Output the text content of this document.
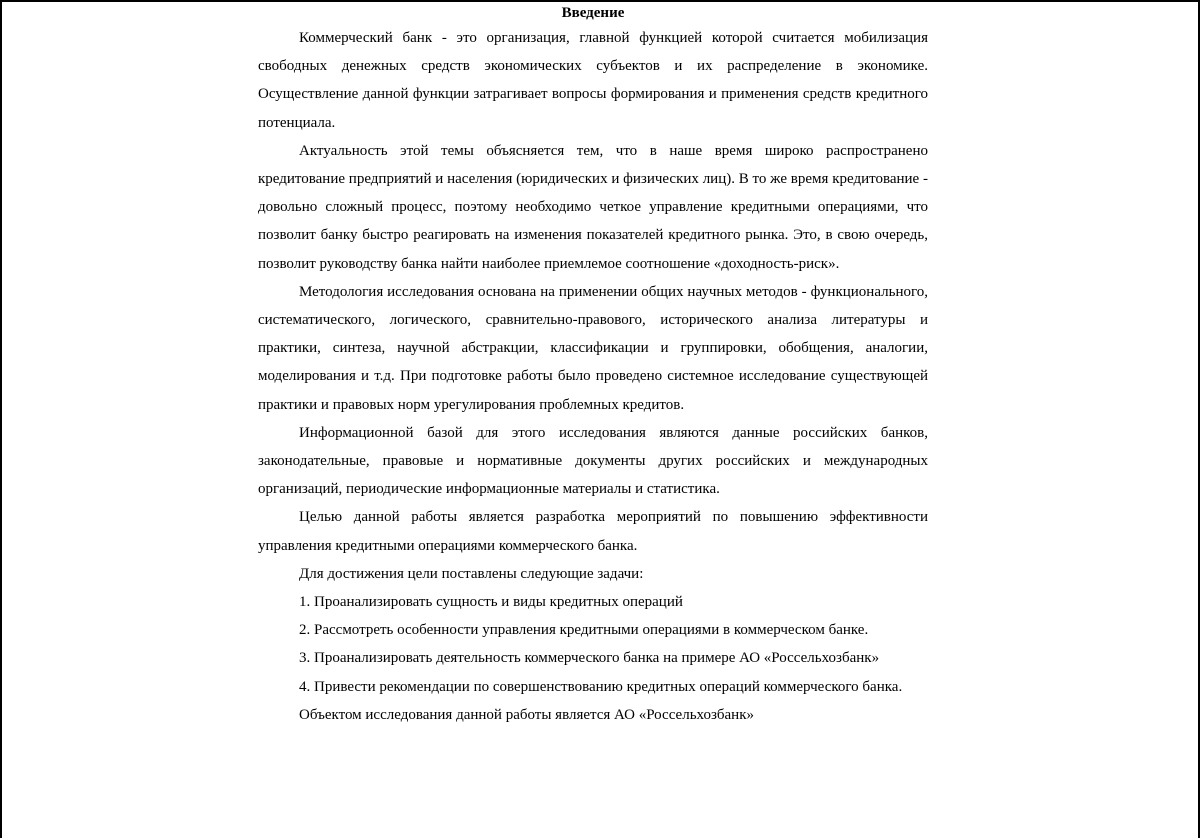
Введение

Коммерческий банк - это организация, главной функцией которой считается мобилизация свободных денежных средств экономических субъектов и их распределение в экономике. Осуществление данной функции затрагивает вопросы формирования и применения средств кредитного потенциала.

Актуальность этой темы объясняется тем, что в наше время широко распространено кредитование предприятий и населения (юридических и физических лиц). В то же время кредитование - довольно сложный процесс, поэтому необходимо четкое управление кредитными операциями, что позволит банку быстро реагировать на изменения показателей кредитного рынка. Это, в свою очередь, позволит руководству банка найти наиболее приемлемое соотношение «доходность-риск».

Методология исследования основана на применении общих научных методов - функционального, систематического, логического, сравнительно-правового, исторического анализа литературы и практики, синтеза, научной абстракции, классификации и группировки, обобщения, аналогии, моделирования и т.д. При подготовке работы было проведено системное исследование существующей практики и правовых норм урегулирования проблемных кредитов.

Информационной базой для этого исследования являются данные российских банков, законодательные, правовые и нормативные документы других российских и международных организаций, периодические информационные материалы и статистика.

Целью данной работы является разработка мероприятий по повышению эффективности управления кредитными операциями коммерческого банка.

Для достижения цели поставлены следующие задачи:

1. Проанализировать сущность и виды кредитных операций

2. Рассмотреть особенности управления кредитными операциями в коммерческом банке.

3. Проанализировать деятельность коммерческого банка на примере АО «Россельхозбанк»

4. Привести рекомендации по совершенствованию кредитных операций коммерческого банка.

Объектом исследования данной работы является АО «Россельхозбанк»
